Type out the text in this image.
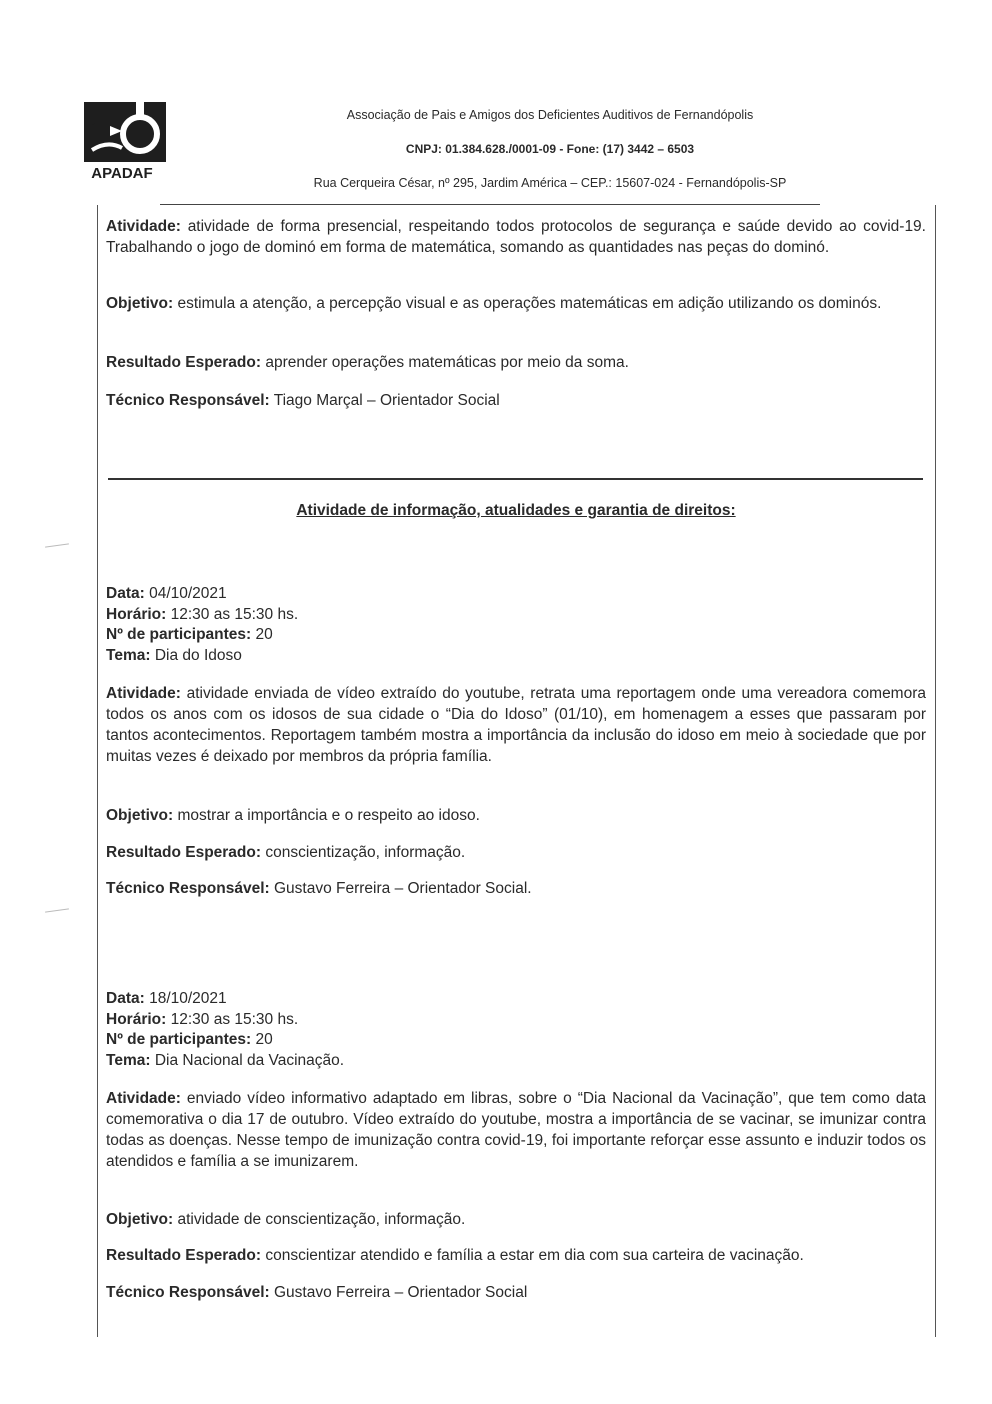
APADAF
Associação de Pais e Amigos dos Deficientes Auditivos de Fernandópolis
CNPJ: 01.384.628./0001-09 - Fone: (17) 3442 – 6503
Rua Cerqueira César, nº 295, Jardim América – CEP.: 15607-024 - Fernandópolis-SP

Atividade: atividade de forma presencial, respeitando todos protocolos de segurança e saúde devido ao covid-19. Trabalhando o jogo de dominó em forma de matemática, somando as quantidades nas peças do dominó.

Objetivo: estimula a atenção, a percepção visual e as operações matemáticas em adição utilizando os dominós.

Resultado Esperado: aprender operações matemáticas por meio da soma.

Técnico Responsável: Tiago Marçal – Orientador Social

Atividade de informação, atualidades e garantia de direitos:
Data: 04/10/2021
Horário: 12:30 as 15:30 hs.
Nº de participantes: 20
Tema: Dia do Idoso

Atividade: atividade enviada de vídeo extraído do youtube, retrata uma reportagem onde uma vereadora comemora todos os anos com os idosos de sua cidade o “Dia do Idoso” (01/10), em homenagem a esses que passaram por tantos acontecimentos. Reportagem também mostra a importância da inclusão do idoso em meio à sociedade que por muitas vezes é deixado por membros da própria família.

Objetivo: mostrar a importância e o respeito ao idoso.

Resultado Esperado: conscientização, informação.

Técnico Responsável: Gustavo Ferreira – Orientador Social.

Data: 18/10/2021
Horário: 12:30 as 15:30 hs.
Nº de participantes: 20
Tema: Dia Nacional da Vacinação.

Atividade: enviado vídeo informativo adaptado em libras, sobre o “Dia Nacional da Vacinação”, que tem como data comemorativa o dia 17 de outubro. Vídeo extraído do youtube, mostra a importância de se vacinar, se imunizar contra todas as doenças. Nesse tempo de imunização contra covid-19, foi importante reforçar esse assunto e induzir todos os atendidos e família a se imunizarem.

Objetivo: atividade de conscientização, informação.

Resultado Esperado: conscientizar atendido e família a estar em dia com sua carteira de vacinação.

Técnico Responsável: Gustavo Ferreira – Orientador Social
